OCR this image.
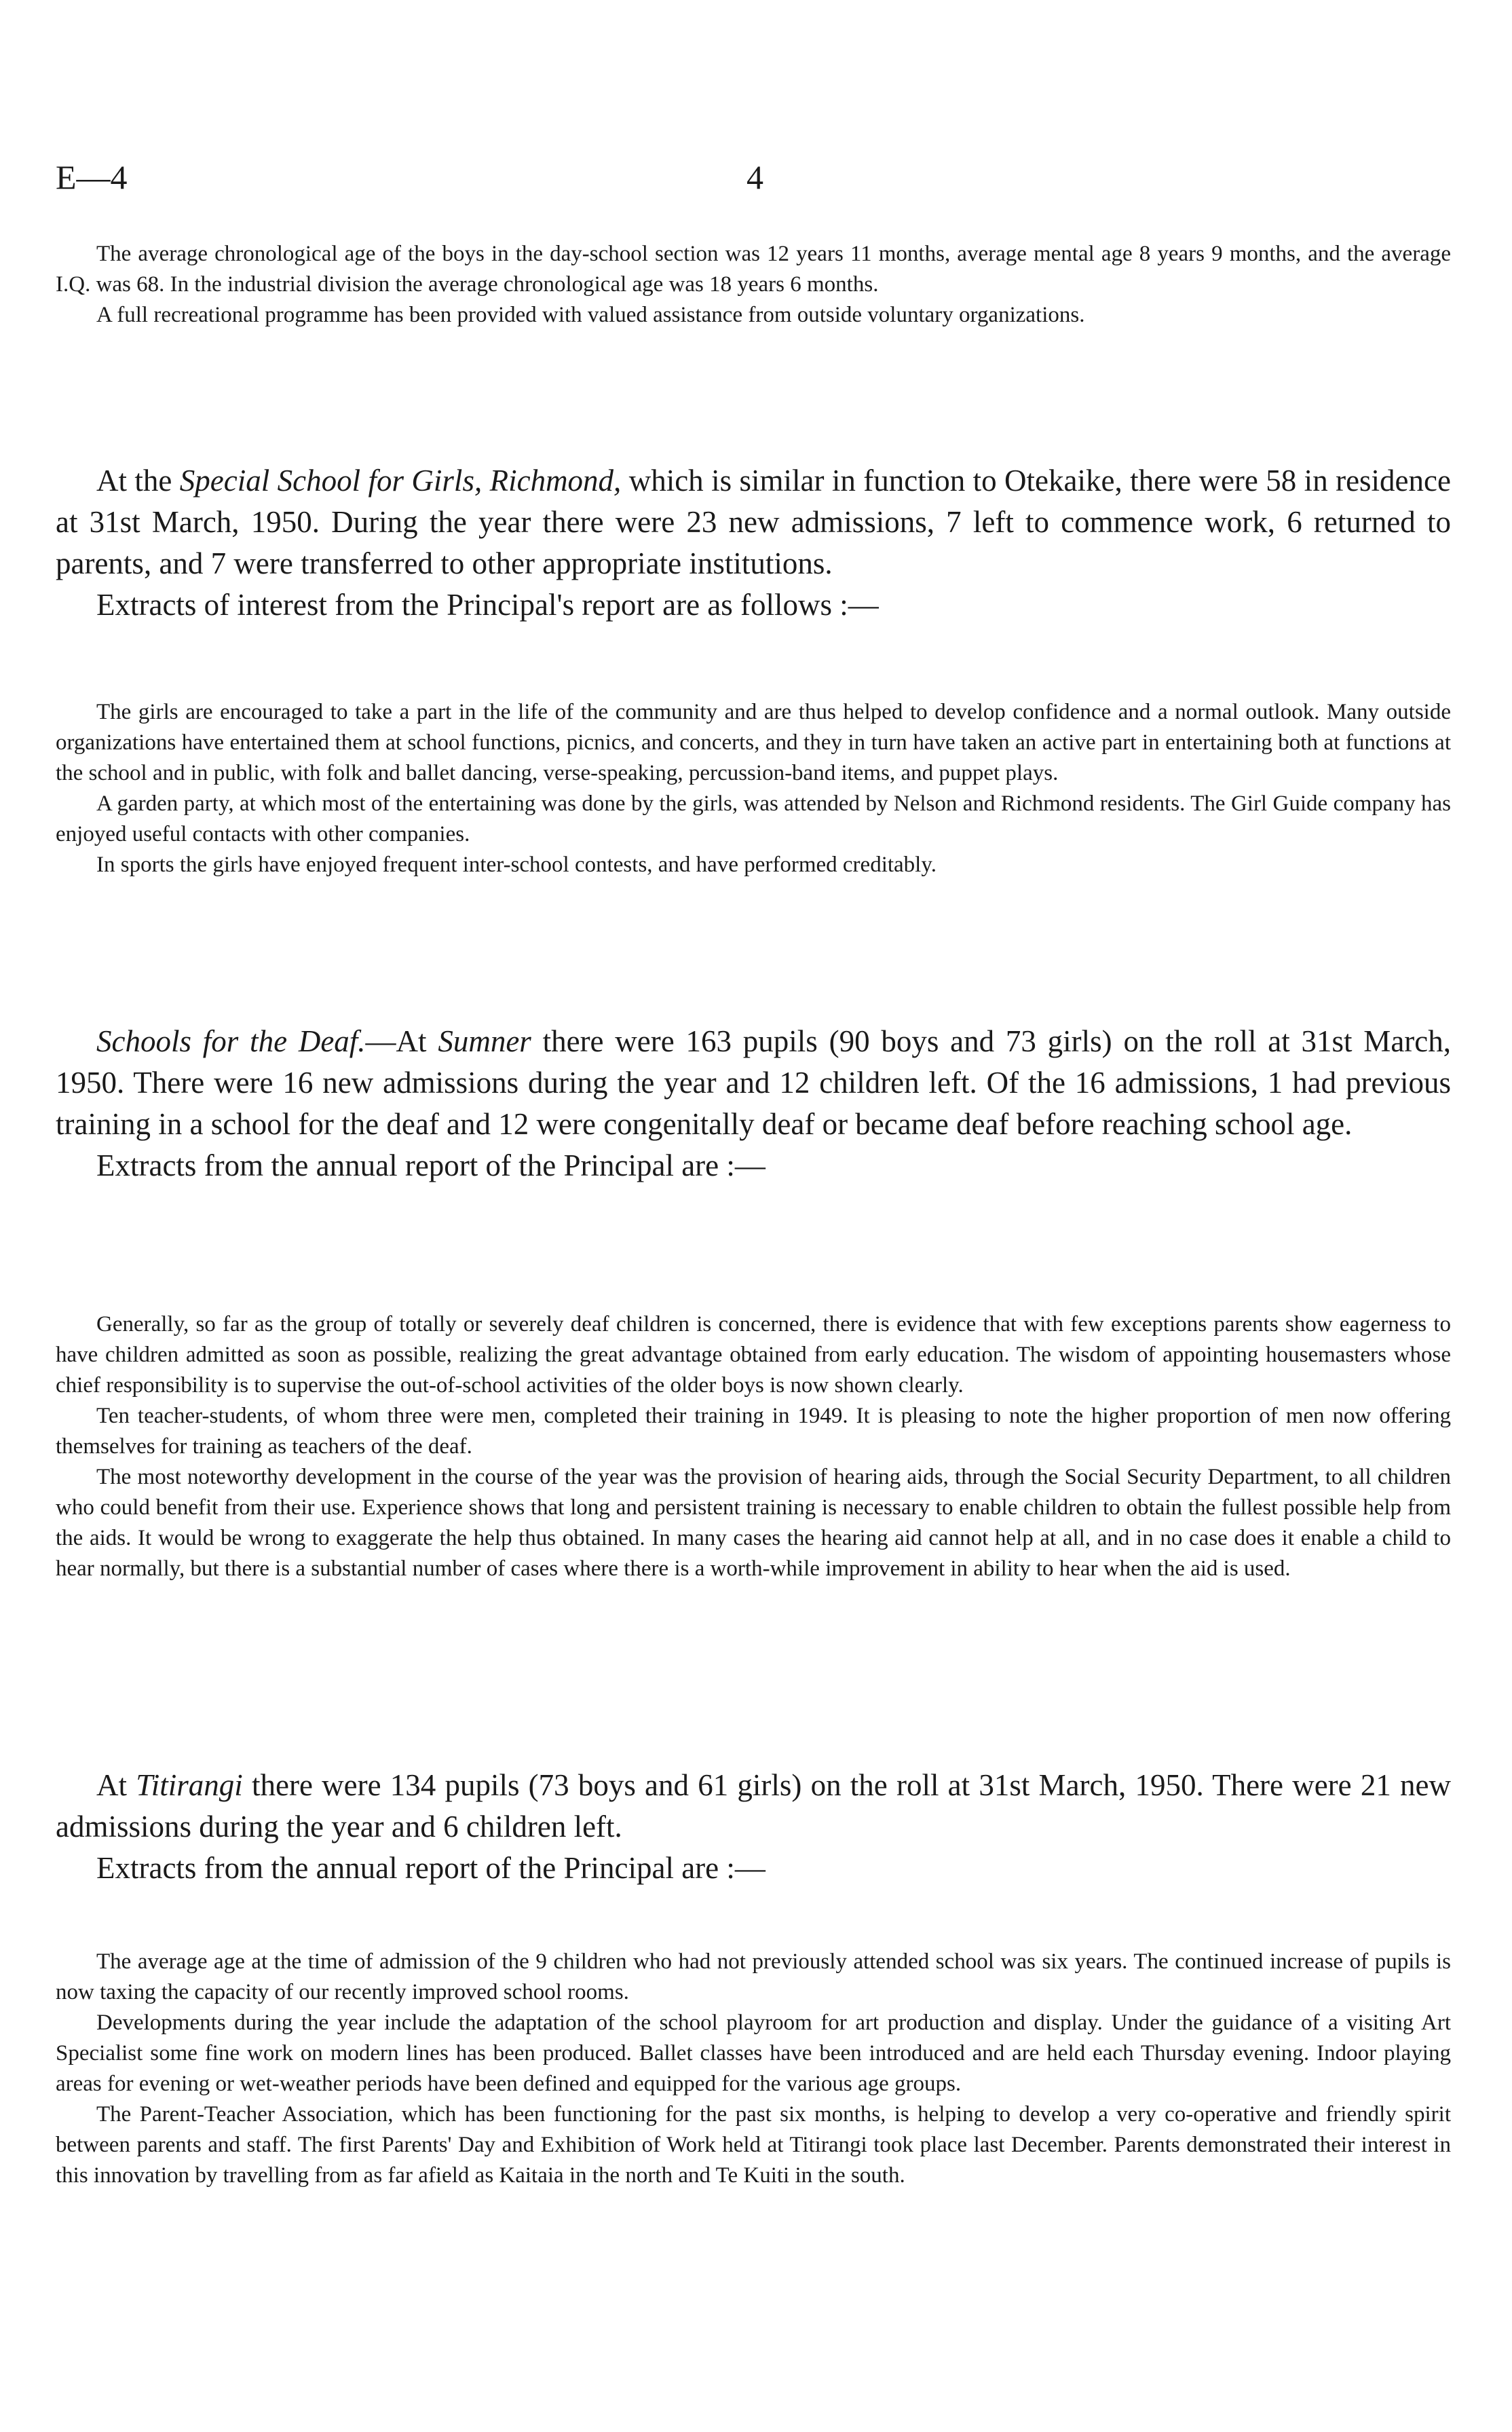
E—4	4

The average chronological age of the boys in the day-school section was 12 years 11 months, average mental age 8 years 9 months, and the average I.Q. was 68. In the industrial division the average chronological age was 18 years 6 months.

A full recreational programme has been provided with valued assistance from outside voluntary organizations.

At the Special School for Girls, Richmond, which is similar in function to Otekaike, there were 58 in residence at 31st March, 1950. During the year there were 23 new admissions, 7 left to commence work, 6 returned to parents, and 7 were transferred to other appropriate institutions.

Extracts of interest from the Principal's report are as follows :—

The girls are encouraged to take a part in the life of the community and are thus helped to develop confidence and a normal outlook. Many outside organizations have entertained them at school functions, picnics, and concerts, and they in turn have taken an active part in entertaining both at functions at the school and in public, with folk and ballet dancing, verse-speaking, percussion-band items, and puppet plays.

A garden party, at which most of the entertaining was done by the girls, was attended by Nelson and Richmond residents. The Girl Guide company has enjoyed useful contacts with other companies.

In sports the girls have enjoyed frequent inter-school contests, and have performed creditably.

Schools for the Deaf.—At Sumner there were 163 pupils (90 boys and 73 girls) on the roll at 31st March, 1950. There were 16 new admissions during the year and 12 children left. Of the 16 admissions, 1 had previous training in a school for the deaf and 12 were congenitally deaf or became deaf before reaching school age.

Extracts from the annual report of the Principal are :—

Generally, so far as the group of totally or severely deaf children is concerned, there is evidence that with few exceptions parents show eagerness to have children admitted as soon as possible, realizing the great advantage obtained from early education. The wisdom of appointing housemasters whose chief responsibility is to supervise the out-of-school activities of the older boys is now shown clearly.

Ten teacher-students, of whom three were men, completed their training in 1949. It is pleasing to note the higher proportion of men now offering themselves for training as teachers of the deaf.

The most noteworthy development in the course of the year was the provision of hearing aids, through the Social Security Department, to all children who could benefit from their use. Experience shows that long and persistent training is necessary to enable children to obtain the fullest possible help from the aids. It would be wrong to exaggerate the help thus obtained. In many cases the hearing aid cannot help at all, and in no case does it enable a child to hear normally, but there is a substantial number of cases where there is a worth-while improvement in ability to hear when the aid is used.

At Titirangi there were 134 pupils (73 boys and 61 girls) on the roll at 31st March, 1950. There were 21 new admissions during the year and 6 children left.

Extracts from the annual report of the Principal are :—

The average age at the time of admission of the 9 children who had not previously attended school was six years. The continued increase of pupils is now taxing the capacity of our recently improved school rooms.

Developments during the year include the adaptation of the school playroom for art production and display. Under the guidance of a visiting Art Specialist some fine work on modern lines has been produced. Ballet classes have been introduced and are held each Thursday evening. Indoor playing areas for evening or wet-weather periods have been defined and equipped for the various age groups.

The Parent-Teacher Association, which has been functioning for the past six months, is helping to develop a very co-operative and friendly spirit between parents and staff. The first Parents' Day and Exhibition of Work held at Titirangi took place last December. Parents demonstrated their interest in this innovation by travelling from as far afield as Kaitaia in the north and Te Kuiti in the south.
